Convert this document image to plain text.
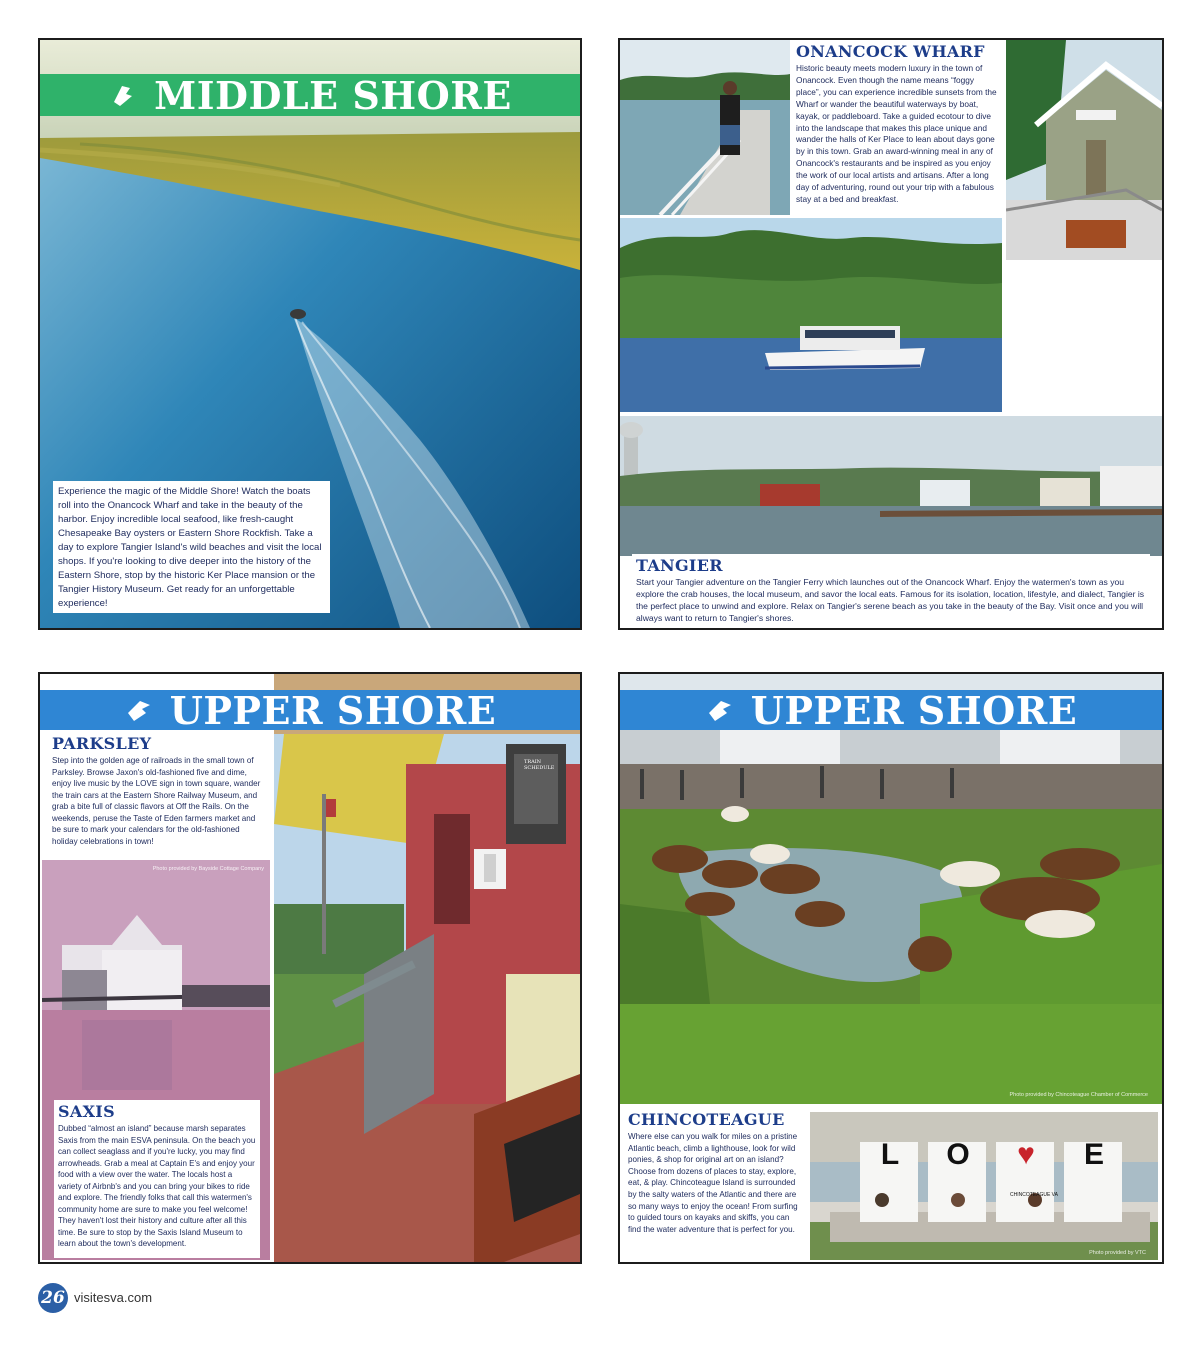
MIDDLE SHORE

Experience the magic of the Middle Shore! Watch the boats roll into the Onancock Wharf and take in the beauty of the harbor. Enjoy incredible local seafood, like fresh-caught Chesapeake Bay oysters or Eastern Shore Rockfish. Take a day to explore Tangier Island's wild beaches and visit the local shops. If you're looking to dive deeper into the history of the Eastern Shore, stop by the historic Ker Place mansion or the Tangier History Museum. Get ready for an unforgettable experience!

ONANCOCK WHARF

Historic beauty meets modern luxury in the town of Onancock. Even though the name means “foggy place”, you can experience incredible sunsets from the Wharf or wander the beautiful waterways by boat, kayak, or paddleboard. Take a guided ecotour to dive into the landscape that makes this place unique and wander the halls of Ker Place to lean about days gone by in this town. Grab an award-winning meal in any of Onancock's restaurants and be inspired as you enjoy the work of our local artists and artisans. After a long day of adventuring, round out your trip with a fabulous stay at a bed and breakfast.

TANGIER

Start your Tangier adventure on the Tangier Ferry which launches out of the Onancock Wharf. Enjoy the watermen's town as you explore the crab houses, the local museum, and savor the local eats. Famous for its isolation, location, lifestyle, and dialect, Tangier is the perfect place to unwind and explore. Relax on Tangier's serene beach as you take in the beauty of the Bay. Visit once and you will always want to return to Tangier's shores.

TRAIN SCHEDULE
UPPER SHORE
PARKSLEY

Step into the golden age of railroads in the small town of Parksley. Browse Jaxon's old-fashioned five and dime, enjoy live music by the LOVE sign in town square, wander the train cars at the Eastern Shore Railway Museum, and grab a bite full of classic flavors at Off the Rails. On the weekends, peruse the Taste of Eden farmers market and be sure to mark your calendars for the old-fashioned holiday celebrations in town!

Photo provided by Bayside Cottage Company
SAXIS

Dubbed “almost an island” because marsh separates Saxis from the main ESVA peninsula. On the beach you can collect seaglass and if you're lucky, you may find arrowheads. Grab a meal at Captain E's and enjoy your food with a view over the water. The locals host a variety of Airbnb's and you can bring your bikes to ride and explore. The friendly folks that call this watermen's community home are sure to make you feel welcome! They haven't lost their history and culture after all this time. Be sure to stop by the Saxis Island Museum to learn about the town's development.

Photo provided by Chincoteague Chamber of Commerce
UPPER SHORE
CHINCOTEAGUE

Where else can you walk for miles on a pristine Atlantic beach, climb a lighthouse, look for wild ponies, & shop for original art on an island? Choose from dozens of places to stay, explore, eat, & play. Chincoteague Island is surrounded by the salty waters of the Atlantic and there are so many ways to enjoy the ocean! From surfing to guided tours on kayaks and skiffs, you can find the water adventure that is perfect for you.

L	O	♥	E
CHINCOTEAGUE VA
Photo provided by VTC
26 visitesva.com
